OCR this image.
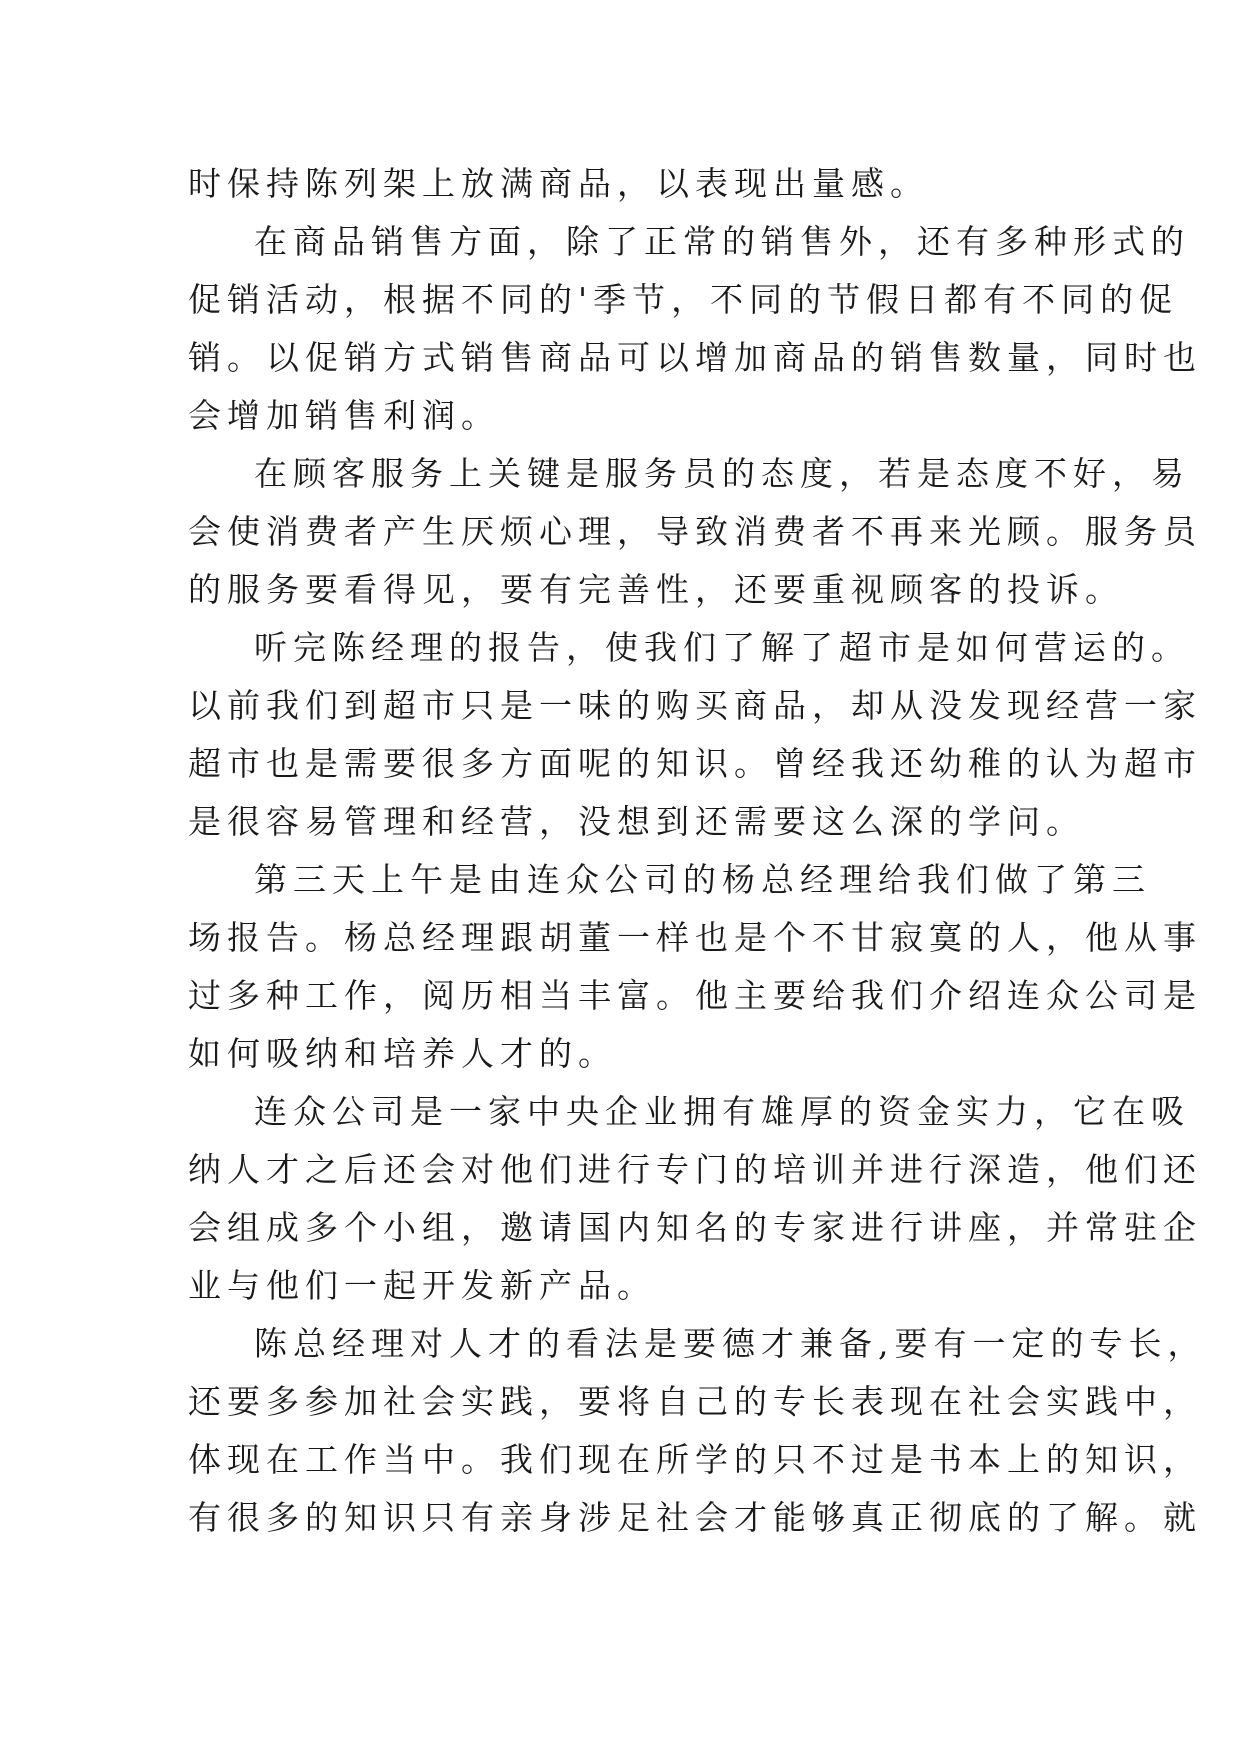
时保持陈列架上放满商品，以表现出量感。
在商品销售方面，除了正常的销售外，还有多种形式的
促销活动，根据不同的'季节，不同的节假日都有不同的促
销。以促销方式销售商品可以增加商品的销售数量，同时也
会增加销售利润。
在顾客服务上关键是服务员的态度，若是态度不好，易
会使消费者产生厌烦心理，导致消费者不再来光顾。服务员
的服务要看得见，要有完善性，还要重视顾客的投诉。
听完陈经理的报告，使我们了解了超市是如何营运的。
以前我们到超市只是一味的购买商品，却从没发现经营一家
超市也是需要很多方面呢的知识。曾经我还幼稚的认为超市
是很容易管理和经营，没想到还需要这么深的学问。
第三天上午是由连众公司的杨总经理给我们做了第三
场报告。杨总经理跟胡董一样也是个不甘寂寞的人，他从事
过多种工作，阅历相当丰富。他主要给我们介绍连众公司是
如何吸纳和培养人才的。
连众公司是一家中央企业拥有雄厚的资金实力，它在吸
纳人才之后还会对他们进行专门的培训并进行深造，他们还
会组成多个小组，邀请国内知名的专家进行讲座，并常驻企
业与他们一起开发新产品。
陈总经理对人才的看法是要德才兼备,要有一定的专长，
还要多参加社会实践，要将自己的专长表现在社会实践中，
体现在工作当中。我们现在所学的只不过是书本上的知识，
有很多的知识只有亲身涉足社会才能够真正彻底的了解。就
